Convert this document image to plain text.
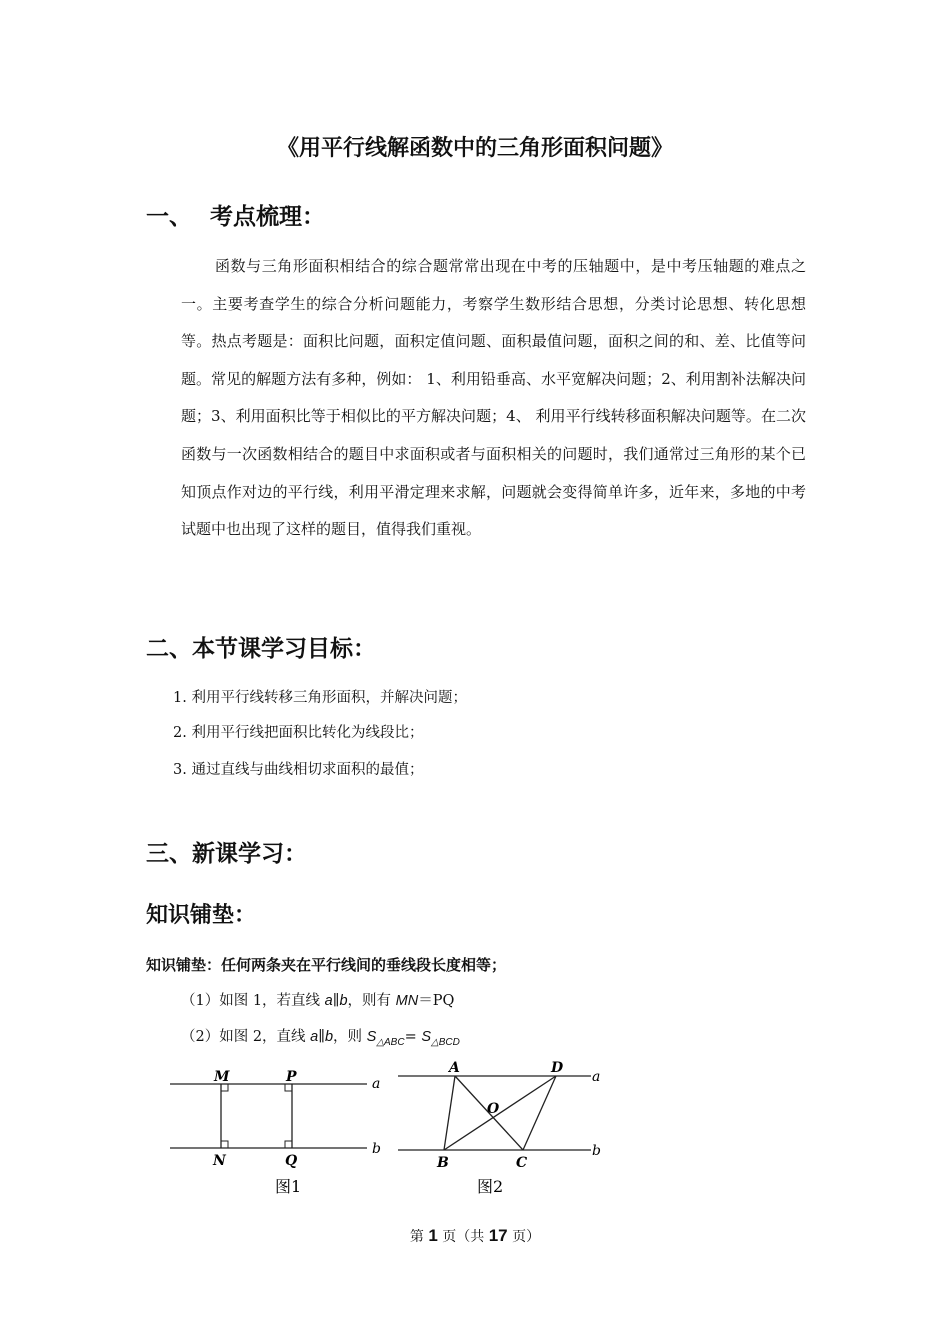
《用平行线解函数中的三角形面积问题》
一、 考点梳理：

函数与三角形面积相结合的综合题常常出现在中考的压轴题中，是中考压轴题的难点之一。主要考查学生的综合分析问题能力，考察学生数形结合思想，分类讨论思想、转化思想等。热点考题是：面积比问题，面积定值问题、面积最值问题，面积之间的和、差、比值等问题。常见的解题方法有多种，例如： 1、利用铅垂高、水平宽解决问题；2、利用割补法解决问题；3、利用面积比等于相似比的平方解决问题；4、 利用平行线转移面积解决问题等。在二次函数与一次函数相结合的题目中求面积或者与面积相关的问题时，我们通常过三角形的某个已知顶点作对边的平行线，利用平滑定理来求解，问题就会变得简单许多，近年来，多地的中考试题中也出现了这样的题目，值得我们重视。

二、本节课学习目标：
1. 利用平行线转移三角形面积，并解决问题；
2. 利用平行线把面积比转化为线段比；
3. 通过直线与曲线相切求面积的最值；
三、新课学习：
知识铺垫：
知识铺垫：任何两条夹在平行线间的垂线段长度相等；
（1）如图 1，若直线 a∥b，则有 MN＝PQ
（2）如图 2，直线 a∥b，则 $S_{\triangle ABC}= S_{\triangle BCD}$
M	P
N	Q
a
b
图1
A	D
O
B	C
a
b
图2
第 1 页（共 17 页）
